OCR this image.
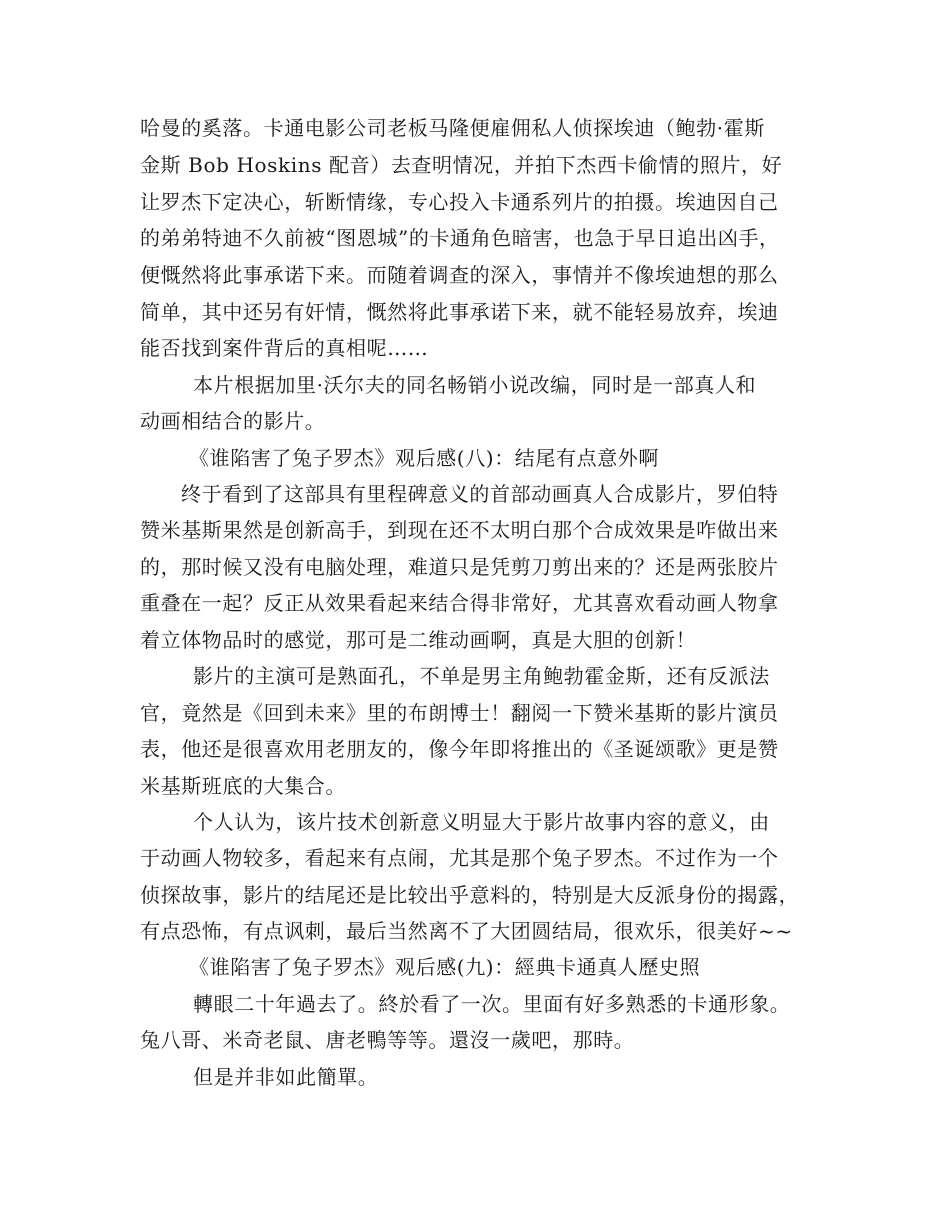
哈曼的奚落。卡通电影公司老板马隆便雇佣私人侦探埃迪（鲍勃·霍斯
金斯 Bob Hoskins 配音）去查明情况，并拍下杰西卡偷情的照片，好
让罗杰下定决心，斩断情缘，专心投入卡通系列片的拍摄。埃迪因自己
的弟弟特迪不久前被“图恩城”的卡通角色暗害，也急于早日追出凶手，
便慨然将此事承诺下来。而随着调查的深入，事情并不像埃迪想的那么
简单，其中还另有奸情，慨然将此事承诺下来，就不能轻易放弃，埃迪
能否找到案件背后的真相呢……
本片根据加里·沃尔夫的同名畅销小说改编，同时是一部真人和
动画相结合的影片。
《谁陷害了兔子罗杰》观后感(八)：结尾有点意外啊
终于看到了这部具有里程碑意义的首部动画真人合成影片，罗伯特
赞米基斯果然是创新高手，到现在还不太明白那个合成效果是咋做出来
的，那时候又没有电脑处理，难道只是凭剪刀剪出来的？还是两张胶片
重叠在一起？反正从效果看起来结合得非常好，尤其喜欢看动画人物拿
着立体物品时的感觉，那可是二维动画啊，真是大胆的创新！
影片的主演可是熟面孔，不单是男主角鲍勃霍金斯，还有反派法
官，竟然是《回到未来》里的布朗博士！翻阅一下赞米基斯的影片演员
表，他还是很喜欢用老朋友的，像今年即将推出的《圣诞颂歌》更是赞
米基斯班底的大集合。
个人认为，该片技术创新意义明显大于影片故事内容的意义，由
于动画人物较多，看起来有点闹，尤其是那个兔子罗杰。不过作为一个
侦探故事，影片的结尾还是比较出乎意料的，特别是大反派身份的揭露，
有点恐怖，有点讽刺，最后当然离不了大团圆结局，很欢乐，很美好~~
《谁陷害了兔子罗杰》观后感(九)：經典卡通真人歷史照
轉眼二十年過去了。終於看了一次。里面有好多熟悉的卡通形象。
兔八哥、米奇老鼠、唐老鴨等等。還沒一歲吧，那時。
但是并非如此簡單。
